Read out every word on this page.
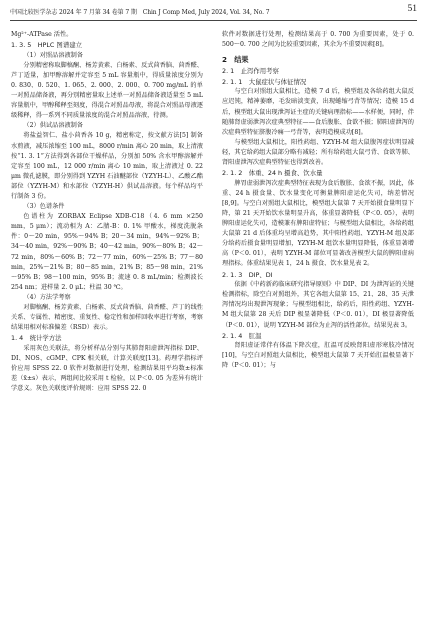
中国比较医学杂志 2024 年 7 月第 34 卷第 7 期　Chin J Comp Med, July 2024, Vol. 34, No. 7	51

Mg²⁺-ATPase 活性。

1. 3. 5　HPLC 图谱建立
（1）对照品溶液制备

分别精密称取脚槁酮、杨芳黄素、白杨素、反式茴香脑、茴香醛、芦丁适量，加甲醇溶解并定容至 5 mL 容量瓶中，得质量浓度分别为 0. 830、0. 520、1. 065、2. 000、2. 000、0. 700 mg/mL 的单一对照品储备液，再分别精密量取上述单一对照品储备液适量至 5 mL 容量瓶中，甲醇稀释至刻度，得混合对照品母液，将混合对照品母液逐级稀释，得一系列不同质量浓度的混合对照品溶液，待测。

（2）供试品溶液制备

将盐益智仁、盐小茴香各 10 g，精密称定，按文献方法[5] 制备水煎液，减压浓缩至 100 mL，8000 r/min 离心 20 min，取上清液按“1. 3. 1”方法得到各部位干燥样品，分别加 50% 含水甲醇溶解并定容至 100 mL，12 000 r/min 离心 10 min，取上清液过 0. 22 μm 微孔滤膜，即分别得到 YZYH 石油醚部位（YZYH-L）、乙酸乙酯部位（YZYH-M）和水部位（YZYH-H）供试品溶液。每个样品均平行制备 3 份。

（3）色谱条件

色谱柱为 ZORBAX Eclipse XDB-C18（4. 6 mm ×250 mm，5 μm）；流动相为 A：乙腈-B：0. 1% 甲酸水，梯度洗脱条件：0～20 min，95%～94% B；20～34 min，94%～92% B；34～40 min，92%～90% B；40～42 min，90%～80% B；42～72 min，80%～60% B；72～77 min，60%～25% B；77～80 min，25%～21% B；80～85 min，21% B；85～98 min，21%～95% B；98～100 min，95% B；流速 0. 8 mL/min；检测波长 254 nm；进样量 2. 0 μL；柱温 30 ℃。

（4）方法学考察

对脚槁酮、杨芳黄素、白杨素、反式茴香脑、茴香醛、芦丁的线性关系、专属性、精密度、重复性、稳定性和加样回收率进行考察，考察结果用相对标准偏差（RSD）表示。

1. 4　统计学方法

采用灰色关联法，将分析样品分别与其肺肾阳虚泄泻指标 DIP、DI、NOS、cGMP、CPK 相关联，计算关联度[13]。药理学指标评价应用 SPSS 22. 0 软件对数据进行处理，检测结果用平均数±标准差（x̄±s）表示，两组间比较采用 t 检验，以 P＜0. 05 为差异有统计学意义。灰色关联度评价规则：应用 SPSS 22. 0

软件对数据进行处理，检测结果高于 0. 700 为重要因素，处于 0. 500～0. 700 之间为比较重要因素，其余为不重要因素[8]。

2　结果
2. 1　止泻作用考察
2. 1. 1　大鼠症状与体征情况

与空白对照组大鼠相比，造模 7 d 后，模型组及各给药组大鼠反应迟钝，精神萎靡，毛发暗淡变黄，出现蜷缩弓背等情况；造模 15 d 后，模型组大鼠出现泄泻证主症的关键病理指标——水样便，同时，伴随肺肾虚弱泄泻次症典型特征——食后腹胀、食欲不振；肺阳虚泄泻的次症典型特征脐腹冷痛一弓背等，表明造模成功[8]。

与模型组大鼠相比，阳性药组、YZYH-M 组大鼠腹泻症状明显减轻，其它给药组大鼠部分略有减轻；所有给药组大鼠弓背、食欲等肺、肾阳虚泄泻次症典型特征也得到改善。

2. 1. 2　体重、24 h 摄食、饮水量

脾胃虚弱泄泻次症典型特征表现为食后腹胀、食欲不振，因此，体重、24 h 摄食量、饮水量变化可衡量脾阳虚运化失司，纳差情况[8,9]。与空白对照组大鼠相比，模型组大鼠第 7 天开始摄食量明显下降，第 21 天开始饮水量明显升高，体重显著降低（P＜0. 05），表明脾阳虚运化失司，造模兼有脾阳虚特征；与模型组大鼠相比，各给药组大鼠第 21 d 后体重均呈增高趋势，其中阳性药组、YZYH-M 组及部分给药后摄食量明显增加，YZYH-M 组饮水量明显降低，体重显著增高（P＜0. 01），表明 YZYH-M 部位可显著改善模型大鼠的脾阳虚病理指标。体重结果见表 1，24 h 摄食、饮水量见表 2。

2. 1. 3　DIP、DI

依据《中药新药临床研究指导原则》中 DIP、DI 为泄泻证的关键检测指标，除空白对照组外，其它各组大鼠第 15、21、28、35 天泄泻情况均出现泄泻现象；与模型组相比，给药后，阳性药组、YZYH-M 组大鼠第 28 天后 DIP 极显著降低（P＜0. 01），DI 极显著降低（P＜0. 01），说明 YZYH-M 部位为止泻的活性部位。结果见表 3。

2. 1. 4　肛温

肾阳虚证常伴有体温下降次症，肛温可反映肾阳虚形寒肢冷情况[10]，与空白对照组大鼠相比，模型组大鼠第 7 天开始肛温极显著下降（P＜0. 01）；与
